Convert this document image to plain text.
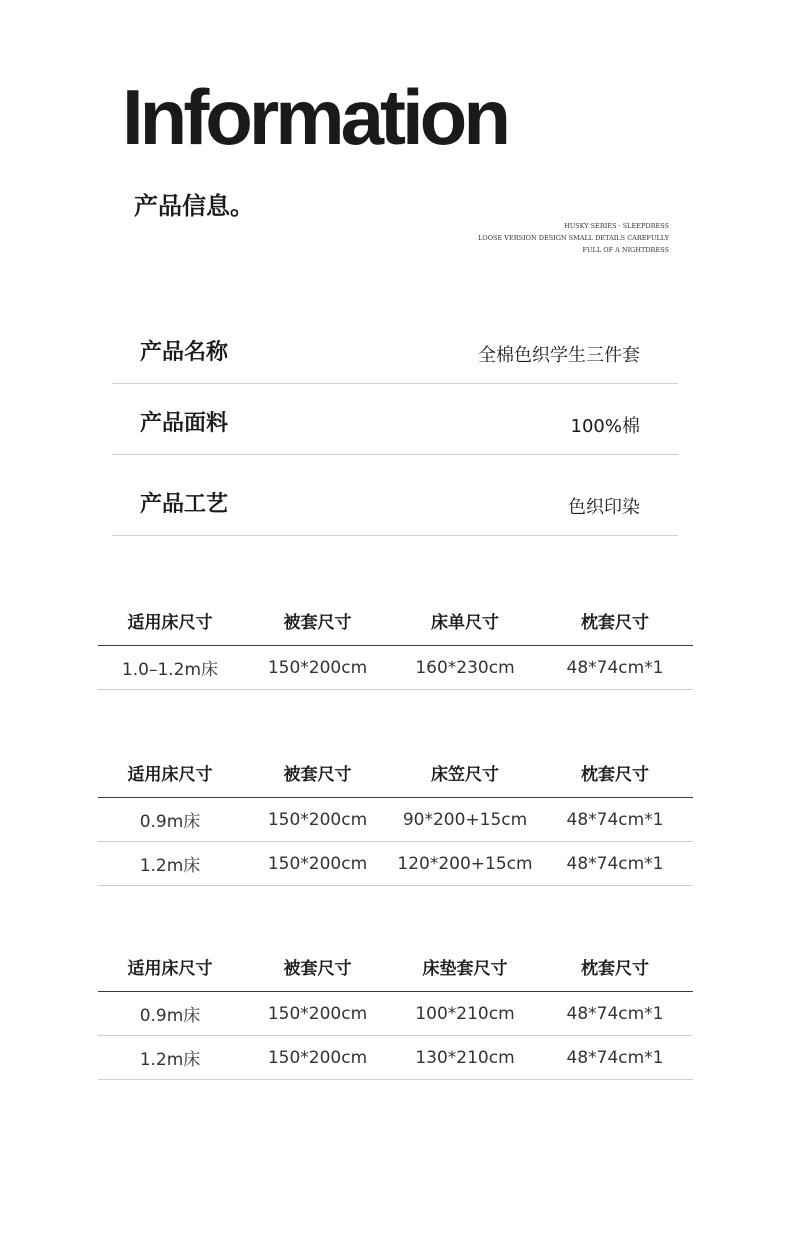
Information
产品信息。
HUSKY SERIES · SLEEPDRESS
LOOSE VERSION DESIGN SMALL DETAILS CAREFULLY
FULL OF A NIGHTDRESS
产品名称	全棉色织学生三件套
产品面料	100%棉
产品工艺	色织印染
适用床尺寸	被套尺寸	床单尺寸	枕套尺寸
1.0–1.2m床	150*200cm	160*230cm	48*74cm*1
适用床尺寸	被套尺寸	床笠尺寸	枕套尺寸
0.9m床	150*200cm	90*200+15cm	48*74cm*1
1.2m床	150*200cm	120*200+15cm	48*74cm*1
适用床尺寸	被套尺寸	床垫套尺寸	枕套尺寸
0.9m床	150*200cm	100*210cm	48*74cm*1
1.2m床	150*200cm	130*210cm	48*74cm*1
